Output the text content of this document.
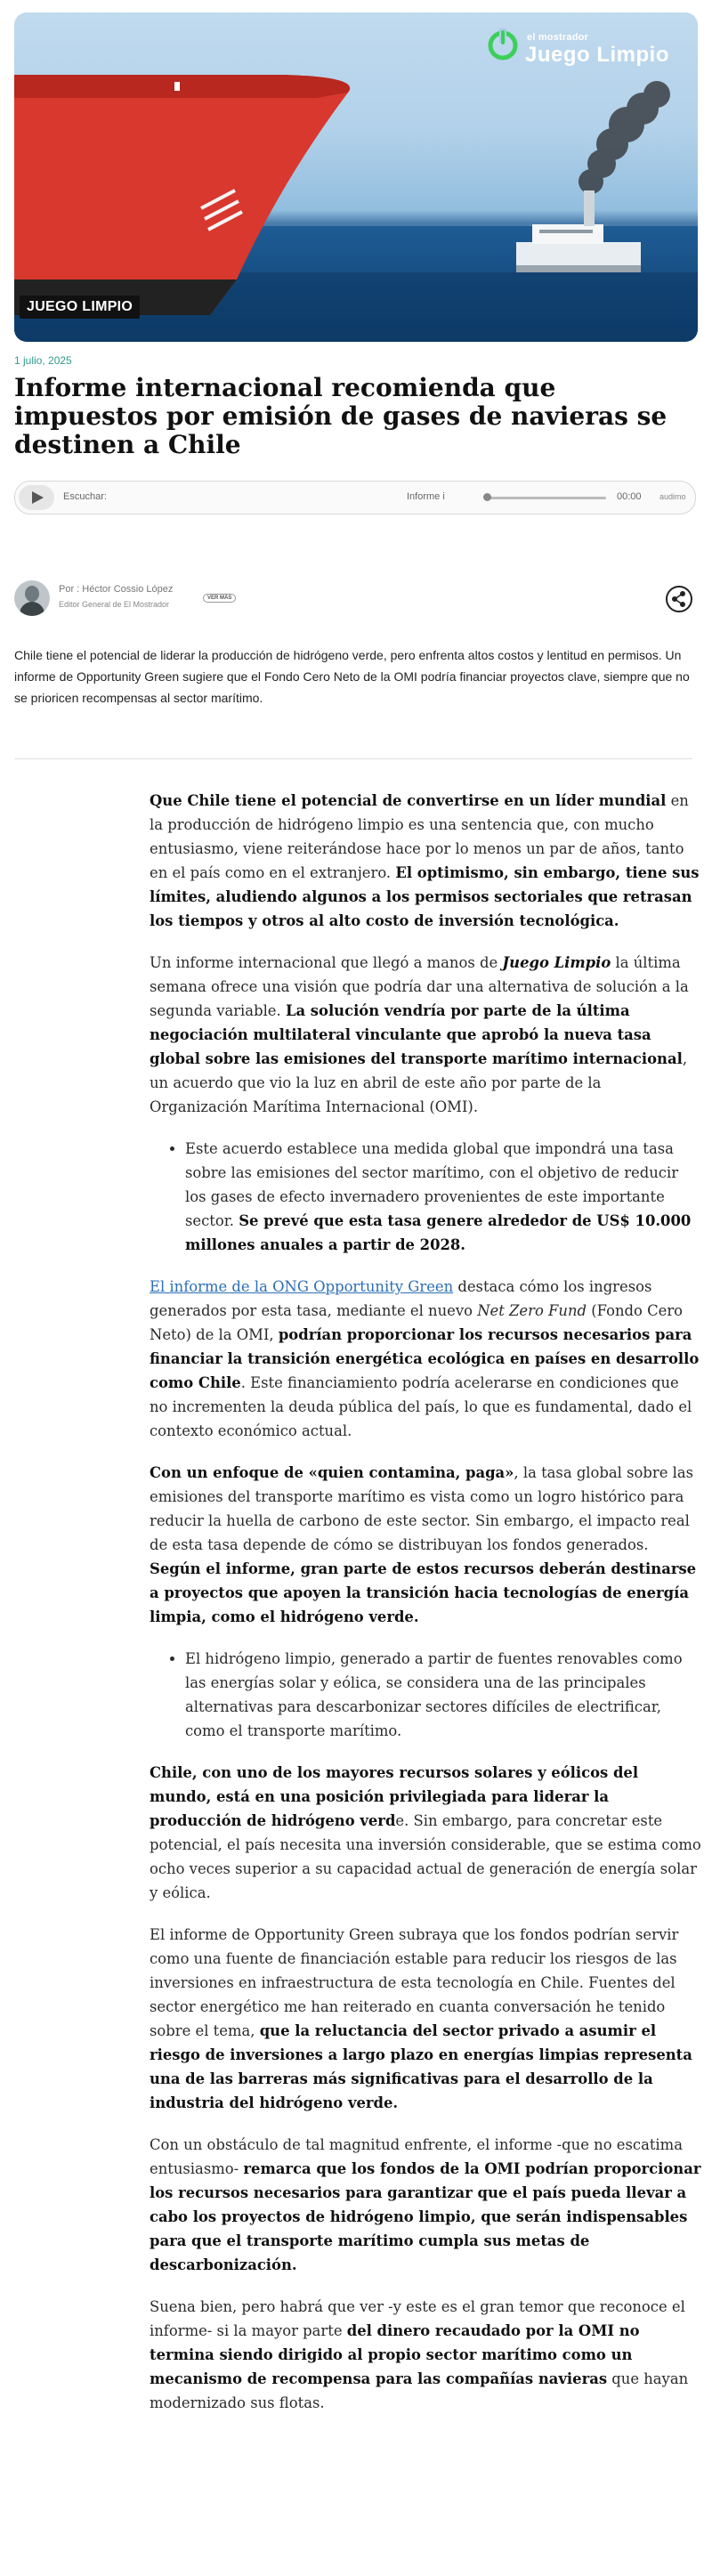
el mostrador
Juego Limpio
JUEGO LIMPIO
1 julio, 2025
Informe internacional recomienda que impuestos por emisión de gases de navieras se destinen a Chile
Escuchar:	Informe i	00:00 audimo
Por : Héctor Cossio López
Editor General de El Mostrador
VER MÁS

Chile tiene el potencial de liderar la producción de hidrógeno verde, pero enfrenta altos costos y lentitud en permisos. Un informe de Opportunity Green sugiere que el Fondo Cero Neto de la OMI podría financiar proyectos clave, siempre que no se prioricen recompensas al sector marítimo.

Que Chile tiene el potencial de convertirse en un líder mundial en la producción de hidrógeno limpio es una sentencia que, con mucho entusiasmo, viene reiterándose hace por lo menos un par de años, tanto en el país como en el extranjero. El optimismo, sin embargo, tiene sus límites, aludiendo algunos a los permisos sectoriales que retrasan los tiempos y otros al alto costo de inversión tecnológica.

Un informe internacional que llegó a manos de Juego Limpio la última semana ofrece una visión que podría dar una alternativa de solución a la segunda variable. La solución vendría por parte de la última negociación multilateral vinculante que aprobó la nueva tasa global sobre las emisiones del transporte marítimo internacional, un acuerdo que vio la luz en abril de este año por parte de la Organización Marítima Internacional (OMI).

• Este acuerdo establece una medida global que impondrá una tasa sobre las emisiones del sector marítimo, con el objetivo de reducir los gases de efecto invernadero provenientes de este importante sector. Se prevé que esta tasa genere alrededor de US$ 10.000 millones anuales a partir de 2028.

El informe de la ONG Opportunity Green destaca cómo los ingresos generados por esta tasa, mediante el nuevo Net Zero Fund (Fondo Cero Neto) de la OMI, podrían proporcionar los recursos necesarios para financiar la transición energética ecológica en países en desarrollo como Chile. Este financiamiento podría acelerarse en condiciones que no incrementen la deuda pública del país, lo que es fundamental, dado el contexto económico actual.

Con un enfoque de «quien contamina, paga», la tasa global sobre las emisiones del transporte marítimo es vista como un logro histórico para reducir la huella de carbono de este sector. Sin embargo, el impacto real de esta tasa depende de cómo se distribuyan los fondos generados. Según el informe, gran parte de estos recursos deberán destinarse a proyectos que apoyen la transición hacia tecnologías de energía limpia, como el hidrógeno verde.

• El hidrógeno limpio, generado a partir de fuentes renovables como las energías solar y eólica, se considera una de las principales alternativas para descarbonizar sectores difíciles de electrificar, como el transporte marítimo.

Chile, con uno de los mayores recursos solares y eólicos del mundo, está en una posición privilegiada para liderar la producción de hidrógeno verde. Sin embargo, para concretar este potencial, el país necesita una inversión considerable, que se estima como ocho veces superior a su capacidad actual de generación de energía solar y eólica.

El informe de Opportunity Green subraya que los fondos podrían servir como una fuente de financiación estable para reducir los riesgos de las inversiones en infraestructura de esta tecnología en Chile. Fuentes del sector energético me han reiterado en cuanta conversación he tenido sobre el tema, que la reluctancia del sector privado a asumir el riesgo de inversiones a largo plazo en energías limpias representa una de las barreras más significativas para el desarrollo de la industria del hidrógeno verde.

Con un obstáculo de tal magnitud enfrente, el informe -que no escatima entusiasmo- remarca que los fondos de la OMI podrían proporcionar los recursos necesarios para garantizar que el país pueda llevar a cabo los proyectos de hidrógeno limpio, que serán indispensables para que el transporte marítimo cumpla sus metas de descarbonización.

Suena bien, pero habrá que ver -y este es el gran temor que reconoce el informe- si la mayor parte del dinero recaudado por la OMI no termina siendo dirigido al propio sector marítimo como un mecanismo de recompensa para las compañías navieras que hayan modernizado sus flotas.
